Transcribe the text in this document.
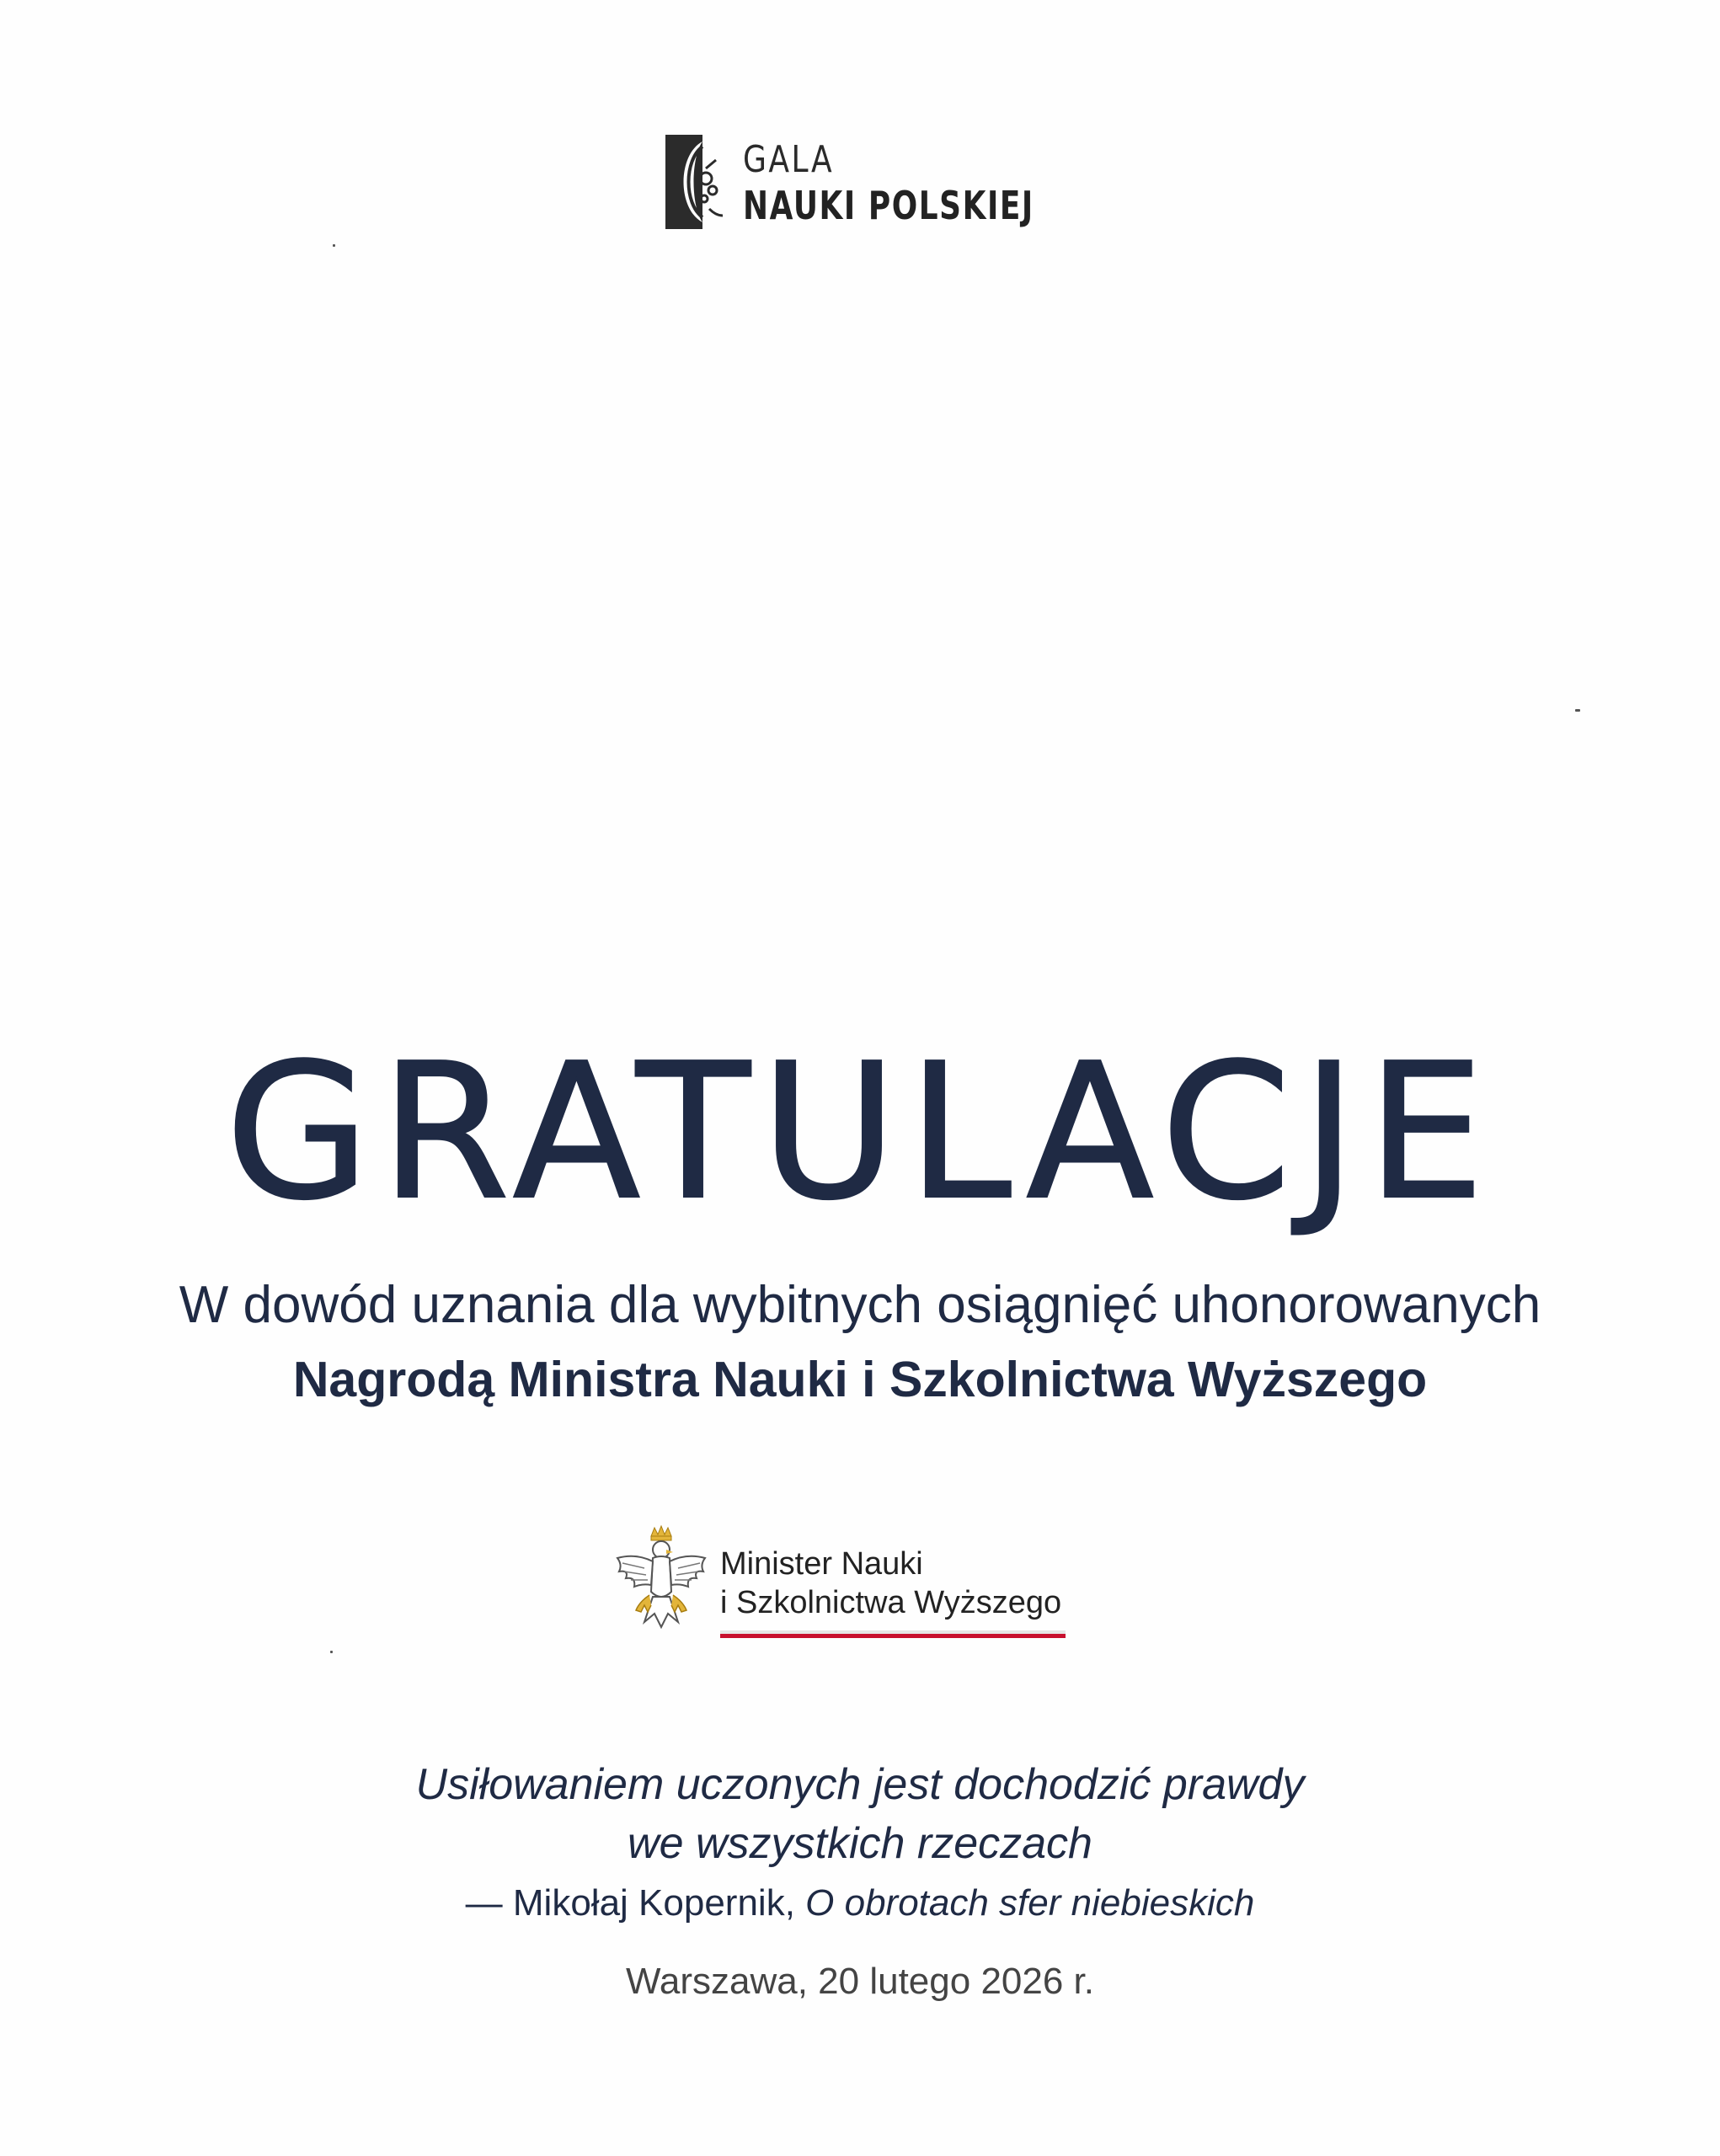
GALA
NAUKI POLSKIEJ
GRATULACJE
W dowód uznania dla wybitnych osiągnięć uhonorowanych
Nagrodą Ministra Nauki i Szkolnictwa Wyższego
Minister Nauki
i Szkolnictwa Wyższego
Usiłowaniem uczonych jest dochodzić prawdy
we wszystkich rzeczach
— Mikołaj Kopernik, O obrotach sfer niebieskich
Warszawa, 20 lutego 2026 r.
